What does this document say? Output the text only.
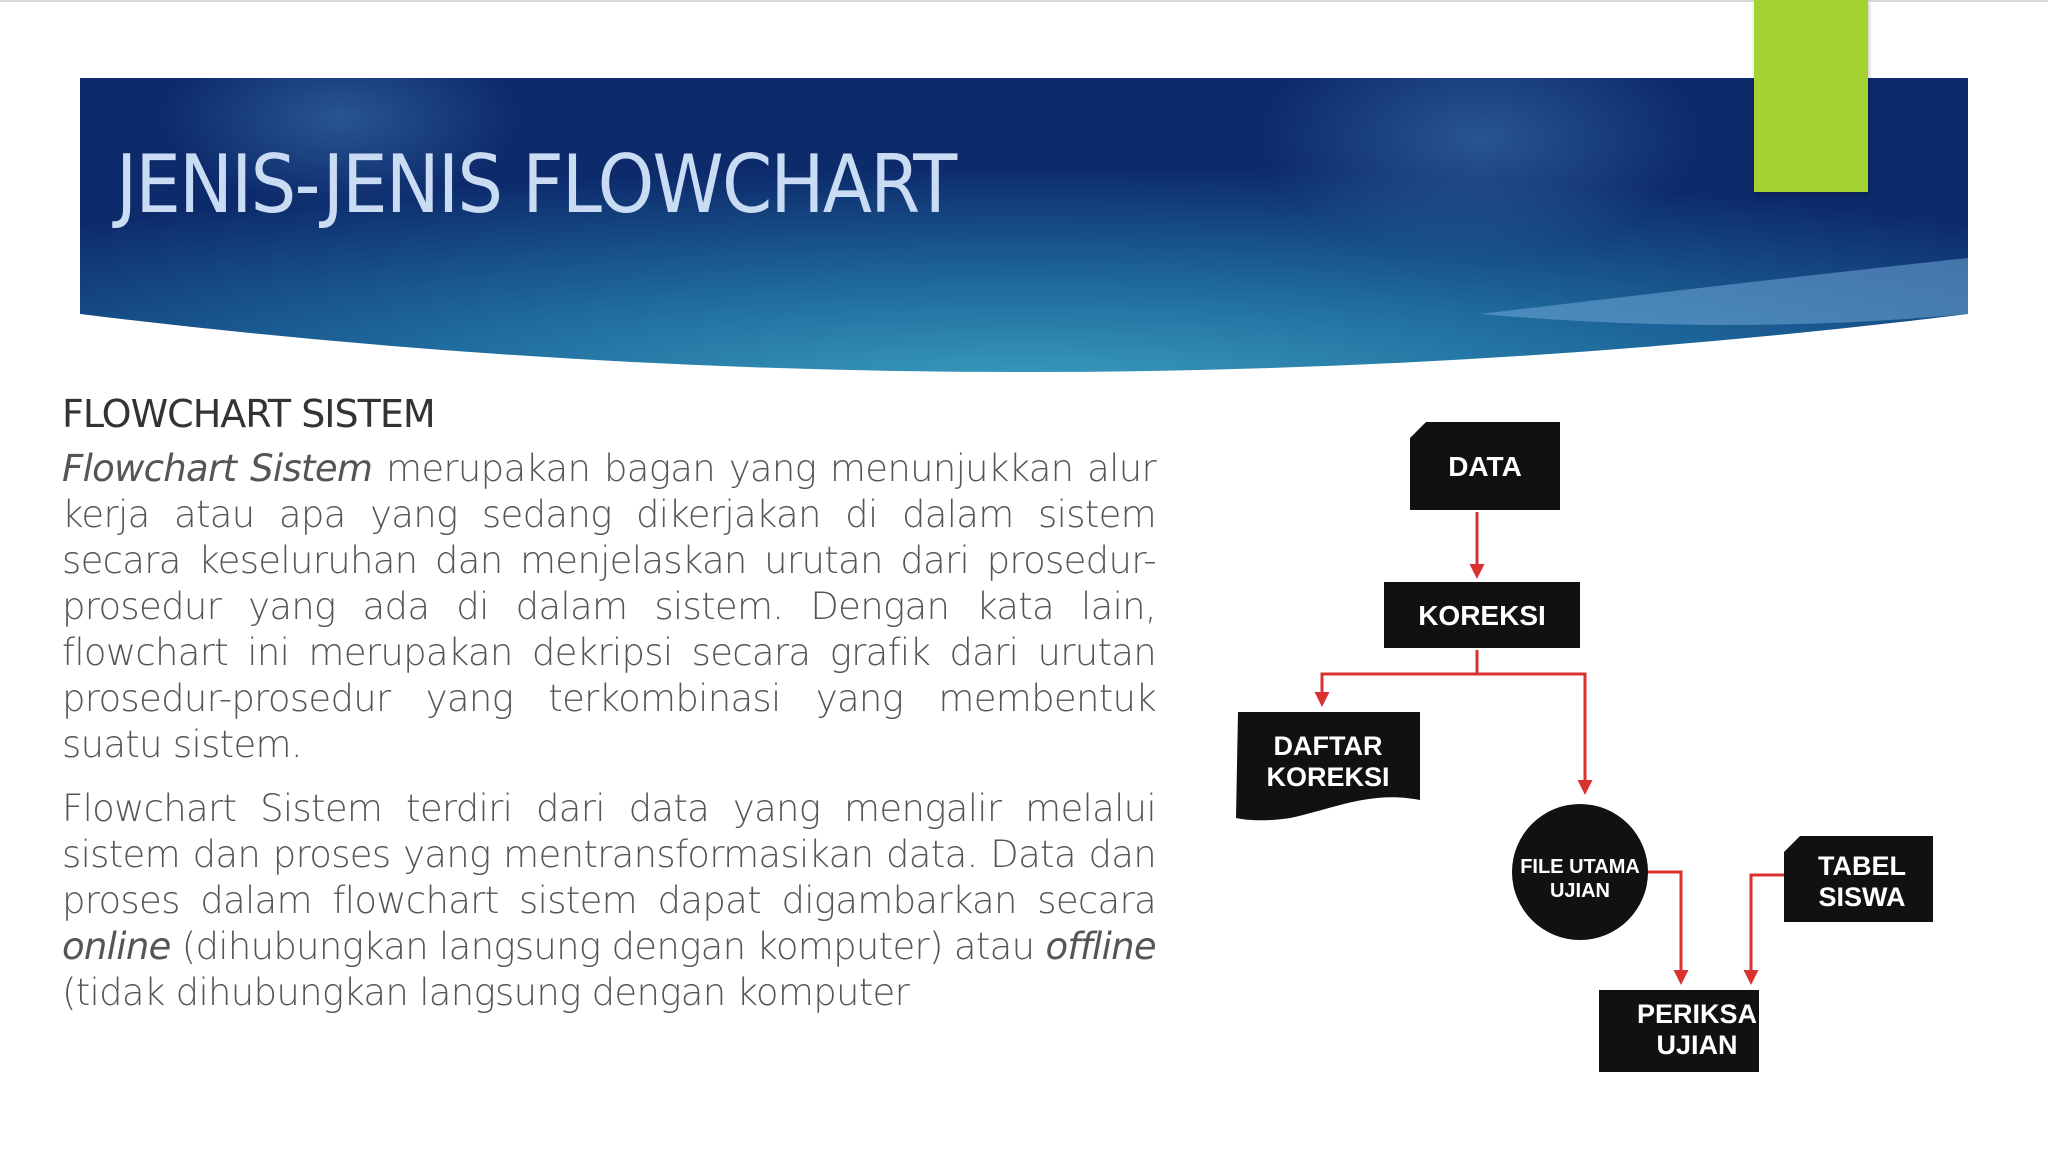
JENIS-JENIS FLOWCHART
FLOWCHART SISTEM

Flowchart Sistem merupakan bagan yang menunjukkan alur kerja atau apa yang sedang dikerjakan di dalam sistem secara keseluruhan dan menjelaskan urutan dari prosedur-prosedur yang ada di dalam sistem. Dengan kata lain, flowchart ini merupakan dekripsi secara grafik dari urutan prosedur-prosedur yang terkombinasi yang membentuk suatu sistem.

Flowchart Sistem terdiri dari data yang mengalir melalui sistem dan proses yang mentransformasikan data. Data dan proses dalam flowchart sistem dapat digambarkan secara online (dihubungkan langsung dengan komputer) atau offline (tidak dihubungkan langsung dengan komputer

DATA
KOREKSI
DAFTAR
KOREKSI
FILE UTAMA
UJIAN
TABEL
SISWA
PERIKSA
UJIAN
